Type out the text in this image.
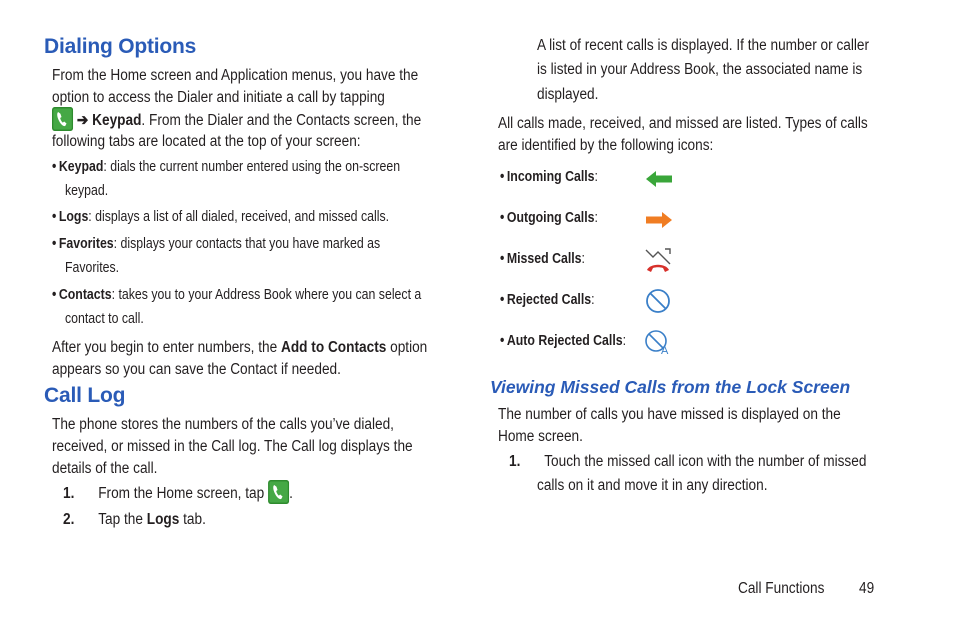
Dialing Options

From the Home screen and Application menus, you have the

option to access the Dialer and initiate a call by tapping

➔ Keypad. From the Dialer and the Contacts screen, the

following tabs are located at the top of your screen:

• Keypad: dials the current number entered using the on-screen

keypad.

• Logs: displays a list of all dialed, received, and missed calls.

• Favorites: displays your contacts that you have marked as

Favorites.

• Contacts: takes you to your Address Book where you can select a

contact to call.

After you begin to enter numbers, the Add to Contacts option

appears so you can save the Contact if needed.

Call Log

The phone stores the numbers of the calls you’ve dialed,

received, or missed in the Call log. The Call log displays the

details of the call.

1. From the Home screen, tap .

2. Tap the Logs tab.

A list of recent calls is displayed. If the number or caller

is listed in your Address Book, the associated name is

displayed.

All calls made, received, and missed are listed. Types of calls

are identified by the following icons:

• Incoming Calls:

• Outgoing Calls:

• Missed Calls:

• Rejected Calls:

• Auto Rejected Calls:

A
Viewing Missed Calls from the Lock Screen

The number of calls you have missed is displayed on the

Home screen.

1. Touch the missed call icon with the number of missed

calls on it and move it in any direction.

Call Functions 49
